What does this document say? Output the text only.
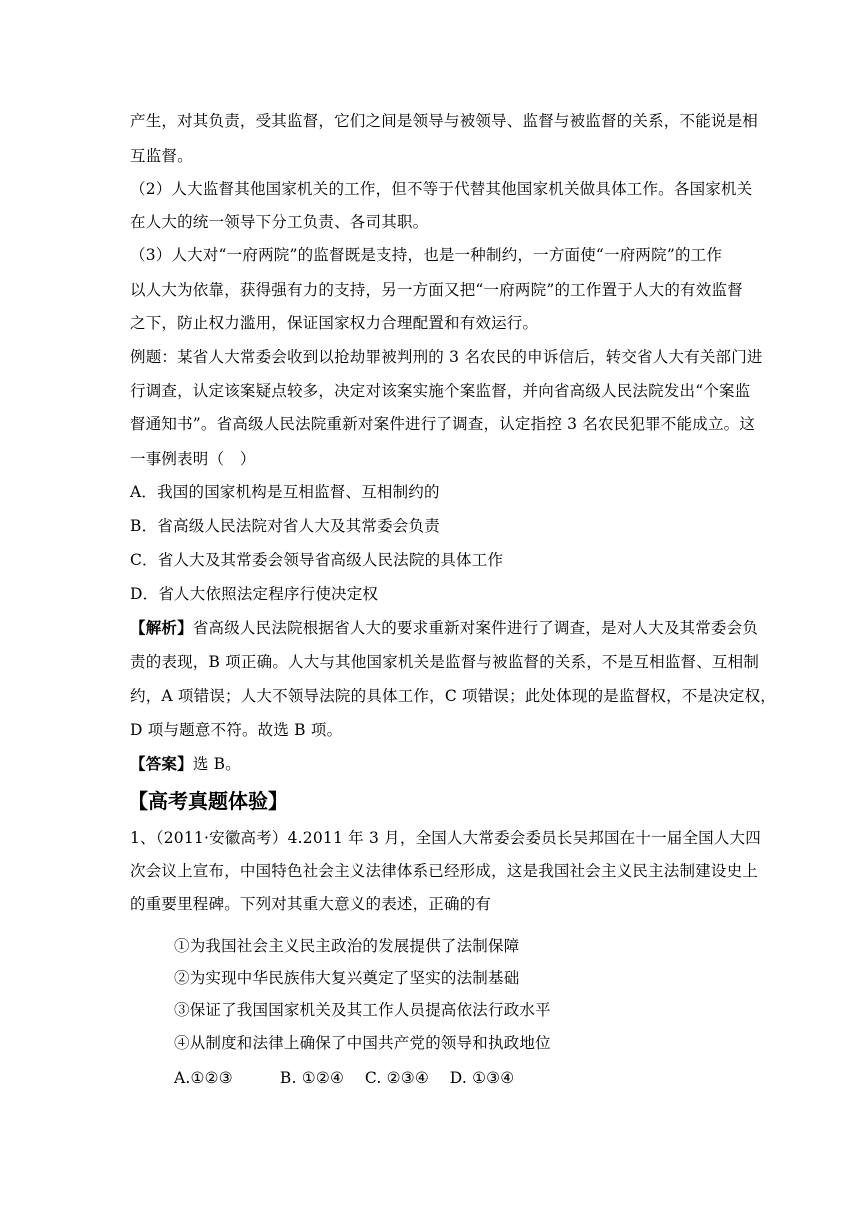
产生，对其负责，受其监督，它们之间是领导与被领导、监督与被监督的关系，不能说是相
互监督。
（2）人大监督其他国家机关的工作，但不等于代替其他国家机关做具体工作。各国家机关
在人大的统一领导下分工负责、各司其职。
（3）人大对“一府两院”的监督既是支持，也是一种制约，一方面使“一府两院”的工作
以人大为依靠，获得强有力的支持，另一方面又把“一府两院”的工作置于人大的有效监督
之下，防止权力滥用，保证国家权力合理配置和有效运行。
例题：某省人大常委会收到以抢劫罪被判刑的 3 名农民的申诉信后，转交省人大有关部门进
行调查，认定该案疑点较多，决定对该案实施个案监督，并向省高级人民法院发出“个案监
督通知书”。省高级人民法院重新对案件进行了调查，认定指控 3 名农民犯罪不能成立。这
一事例表明（　）
A．我国的国家机构是互相监督、互相制约的
B．省高级人民法院对省人大及其常委会负责
C．省人大及其常委会领导省高级人民法院的具体工作
D．省人大依照法定程序行使决定权
【解析】省高级人民法院根据省人大的要求重新对案件进行了调查，是对人大及其常委会负
责的表现，B 项正确。人大与其他国家机关是监督与被监督的关系，不是互相监督、互相制
约，A 项错误；人大不领导法院的具体工作，C 项错误；此处体现的是监督权，不是决定权，
D 项与题意不符。故选 B 项。
【答案】选 B。
【高考真题体验】
1、（2011·安徽高考）4.2011 年 3 月，全国人大常委会委员长吴邦国在十一届全国人大四
次会议上宣布，中国特色社会主义法律体系已经形成，这是我国社会主义民主法制建设史上
的重要里程碑。下列对其重大意义的表述，正确的有
①为我国社会主义民主政治的发展提供了法制保障
②为实现中华民族伟大复兴奠定了坚实的法制基础
③保证了我国国家机关及其工作人员提高依法行政水平
④从制度和法律上确保了中国共产党的领导和执政地位
A.①②③　　　B. ①②④　 C. ②③④　 D. ①③④
